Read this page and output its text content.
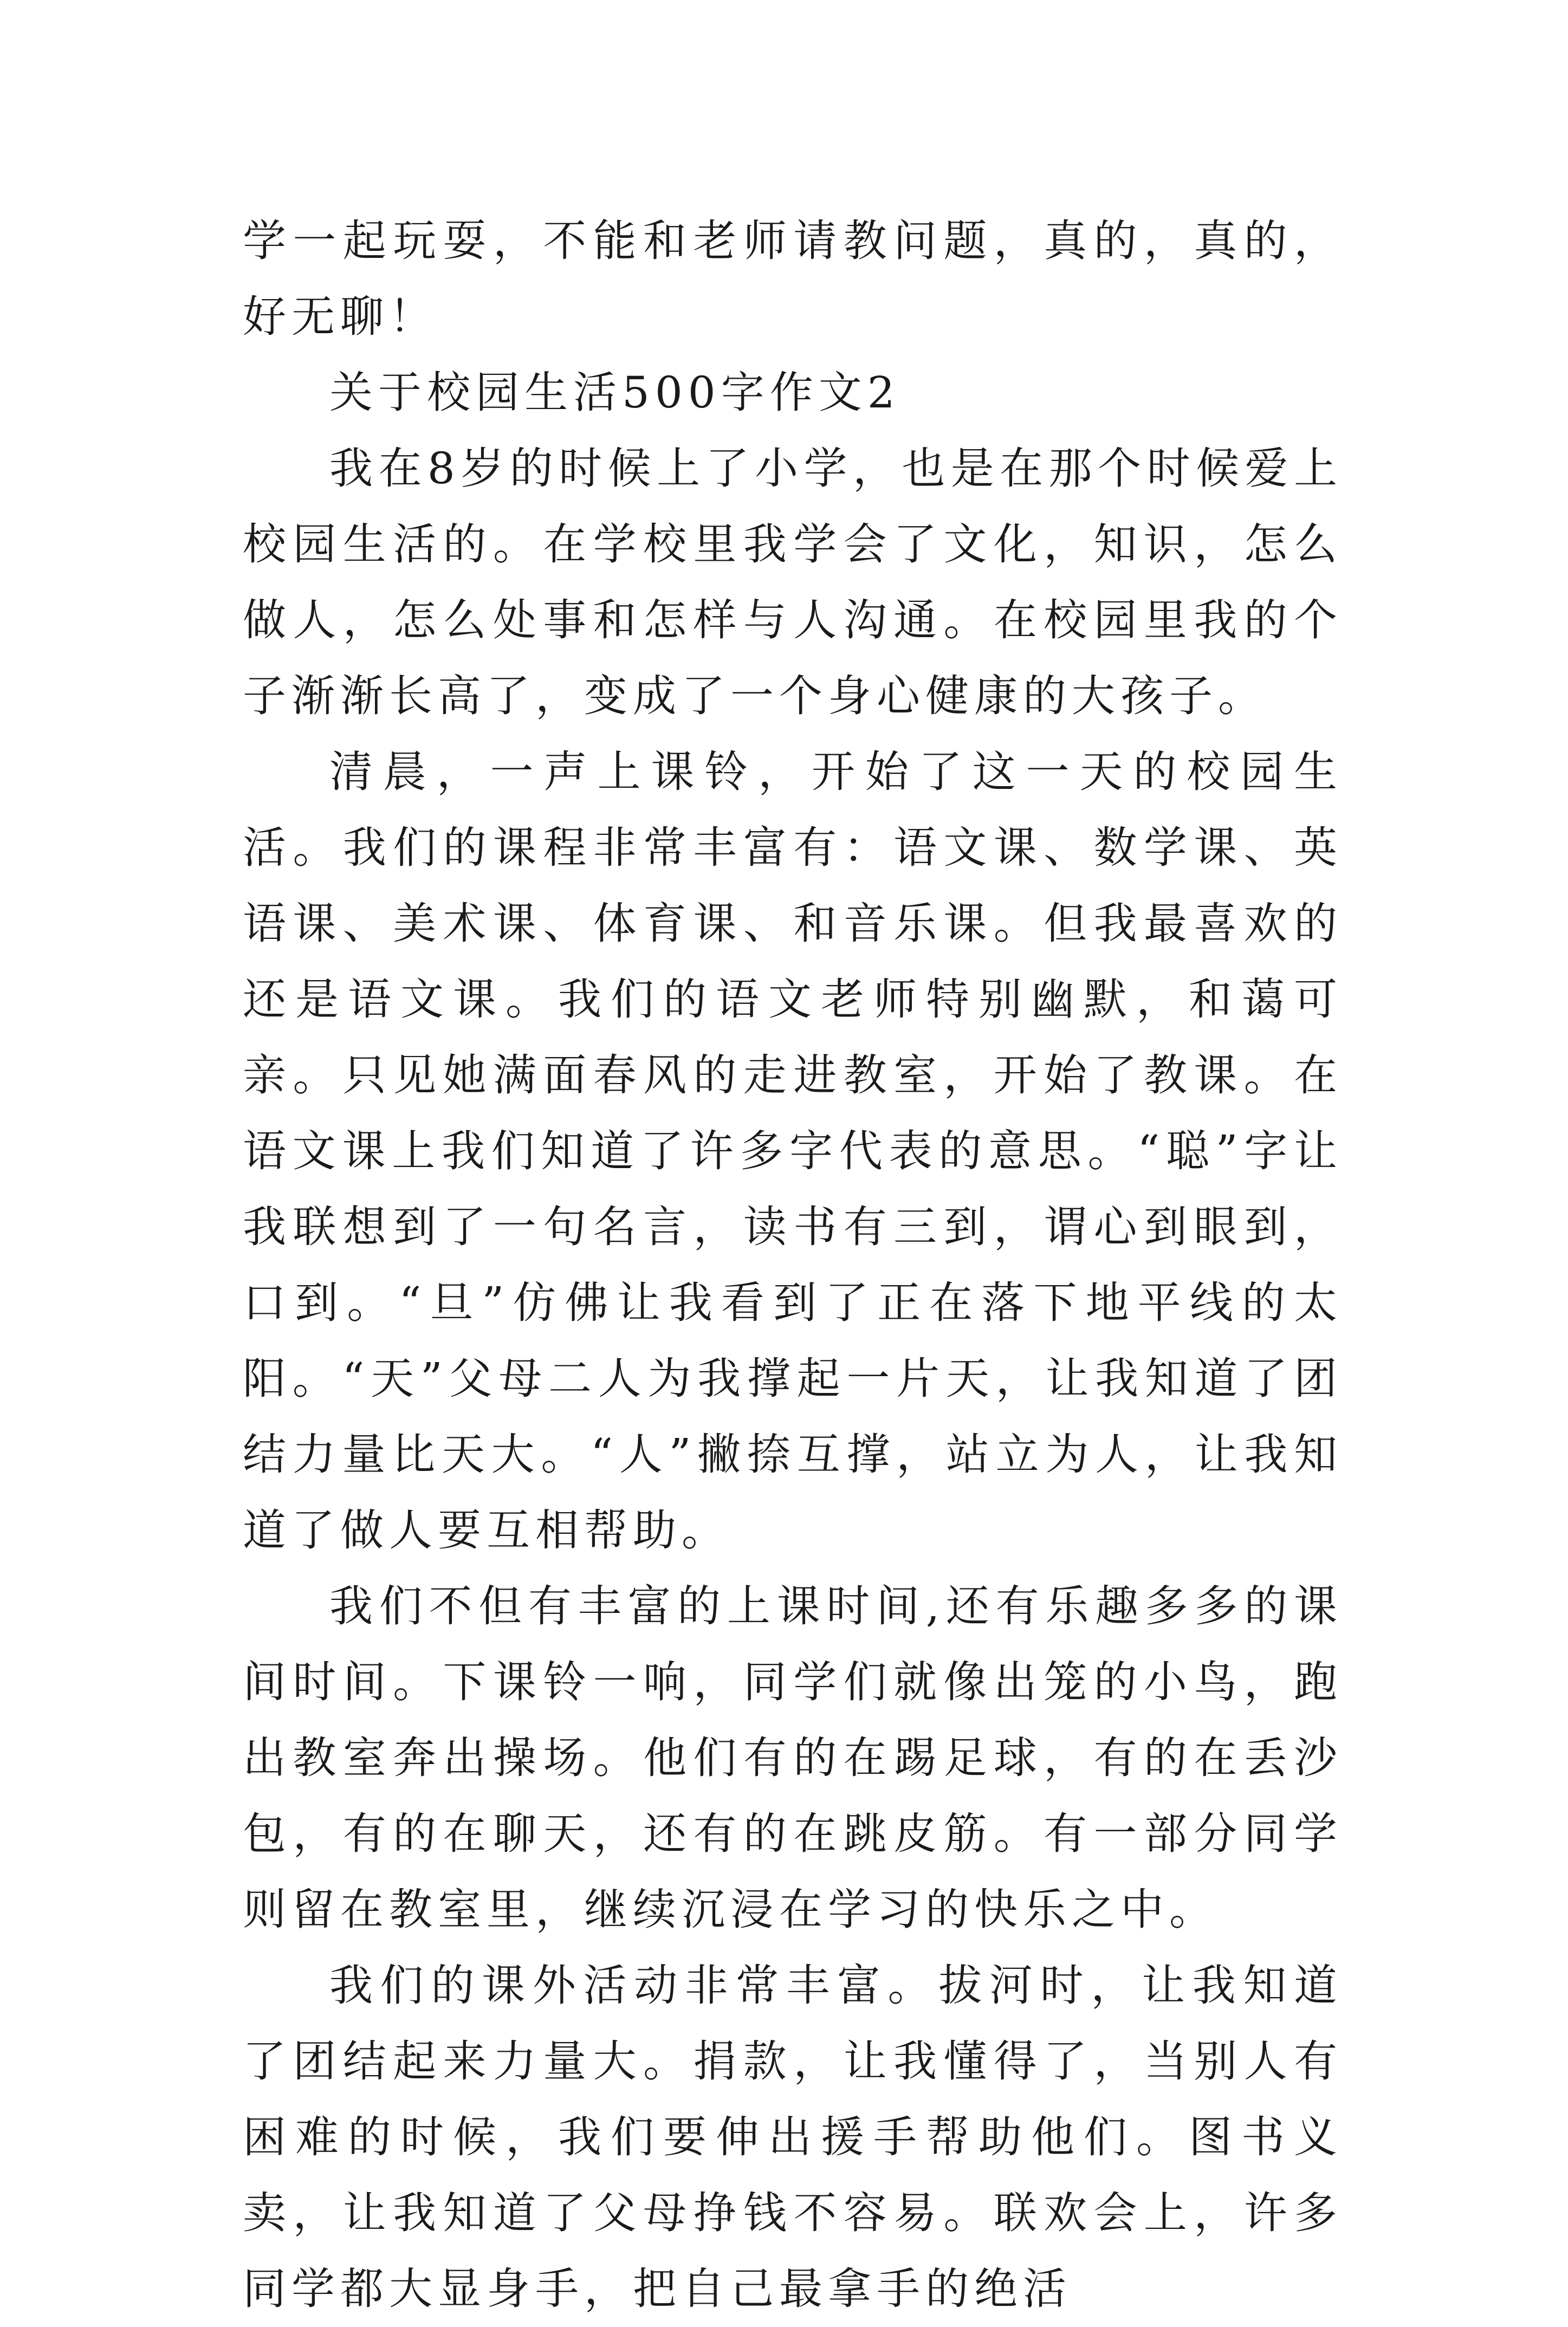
学一起玩耍，不能和老师请教问题，真的，真的，好无聊！

关于校园生活500字作文2

我在8岁的时候上了小学，也是在那个时候爱上校园生活的。在学校里我学会了文化，知识，怎么做人，怎么处事和怎样与人沟通。在校园里我的个子渐渐长高了，变成了一个身心健康的大孩子。

清晨，一声上课铃，开始了这一天的校园生活。我们的课程非常丰富有：语文课、数学课、英语课、美术课、体育课、和音乐课。但我最喜欢的还是语文课。我们的语文老师特别幽默，和蔼可亲。只见她满面春风的走进教室，开始了教课。在语文课上我们知道了许多字代表的意思。“聪”字让我联想到了一句名言，读书有三到，谓心到眼到，口到。“旦”仿佛让我看到了正在落下地平线的太阳。“天”父母二人为我撑起一片天，让我知道了团结力量比天大。“人”撇捺互撑，站立为人，让我知道了做人要互相帮助。

我们不但有丰富的上课时间,还有乐趣多多的课间时间。下课铃一响，同学们就像出笼的小鸟，跑出教室奔出操场。他们有的在踢足球，有的在丢沙包，有的在聊天，还有的在跳皮筋。有一部分同学则留在教室里，继续沉浸在学习的快乐之中。

我们的课外活动非常丰富。拔河时，让我知道了团结起来力量大。捐款，让我懂得了，当别人有困难的时候，我们要伸出援手帮助他们。图书义卖，让我知道了父母挣钱不容易。联欢会上，许多同学都大显身手，把自己最拿手的绝活
